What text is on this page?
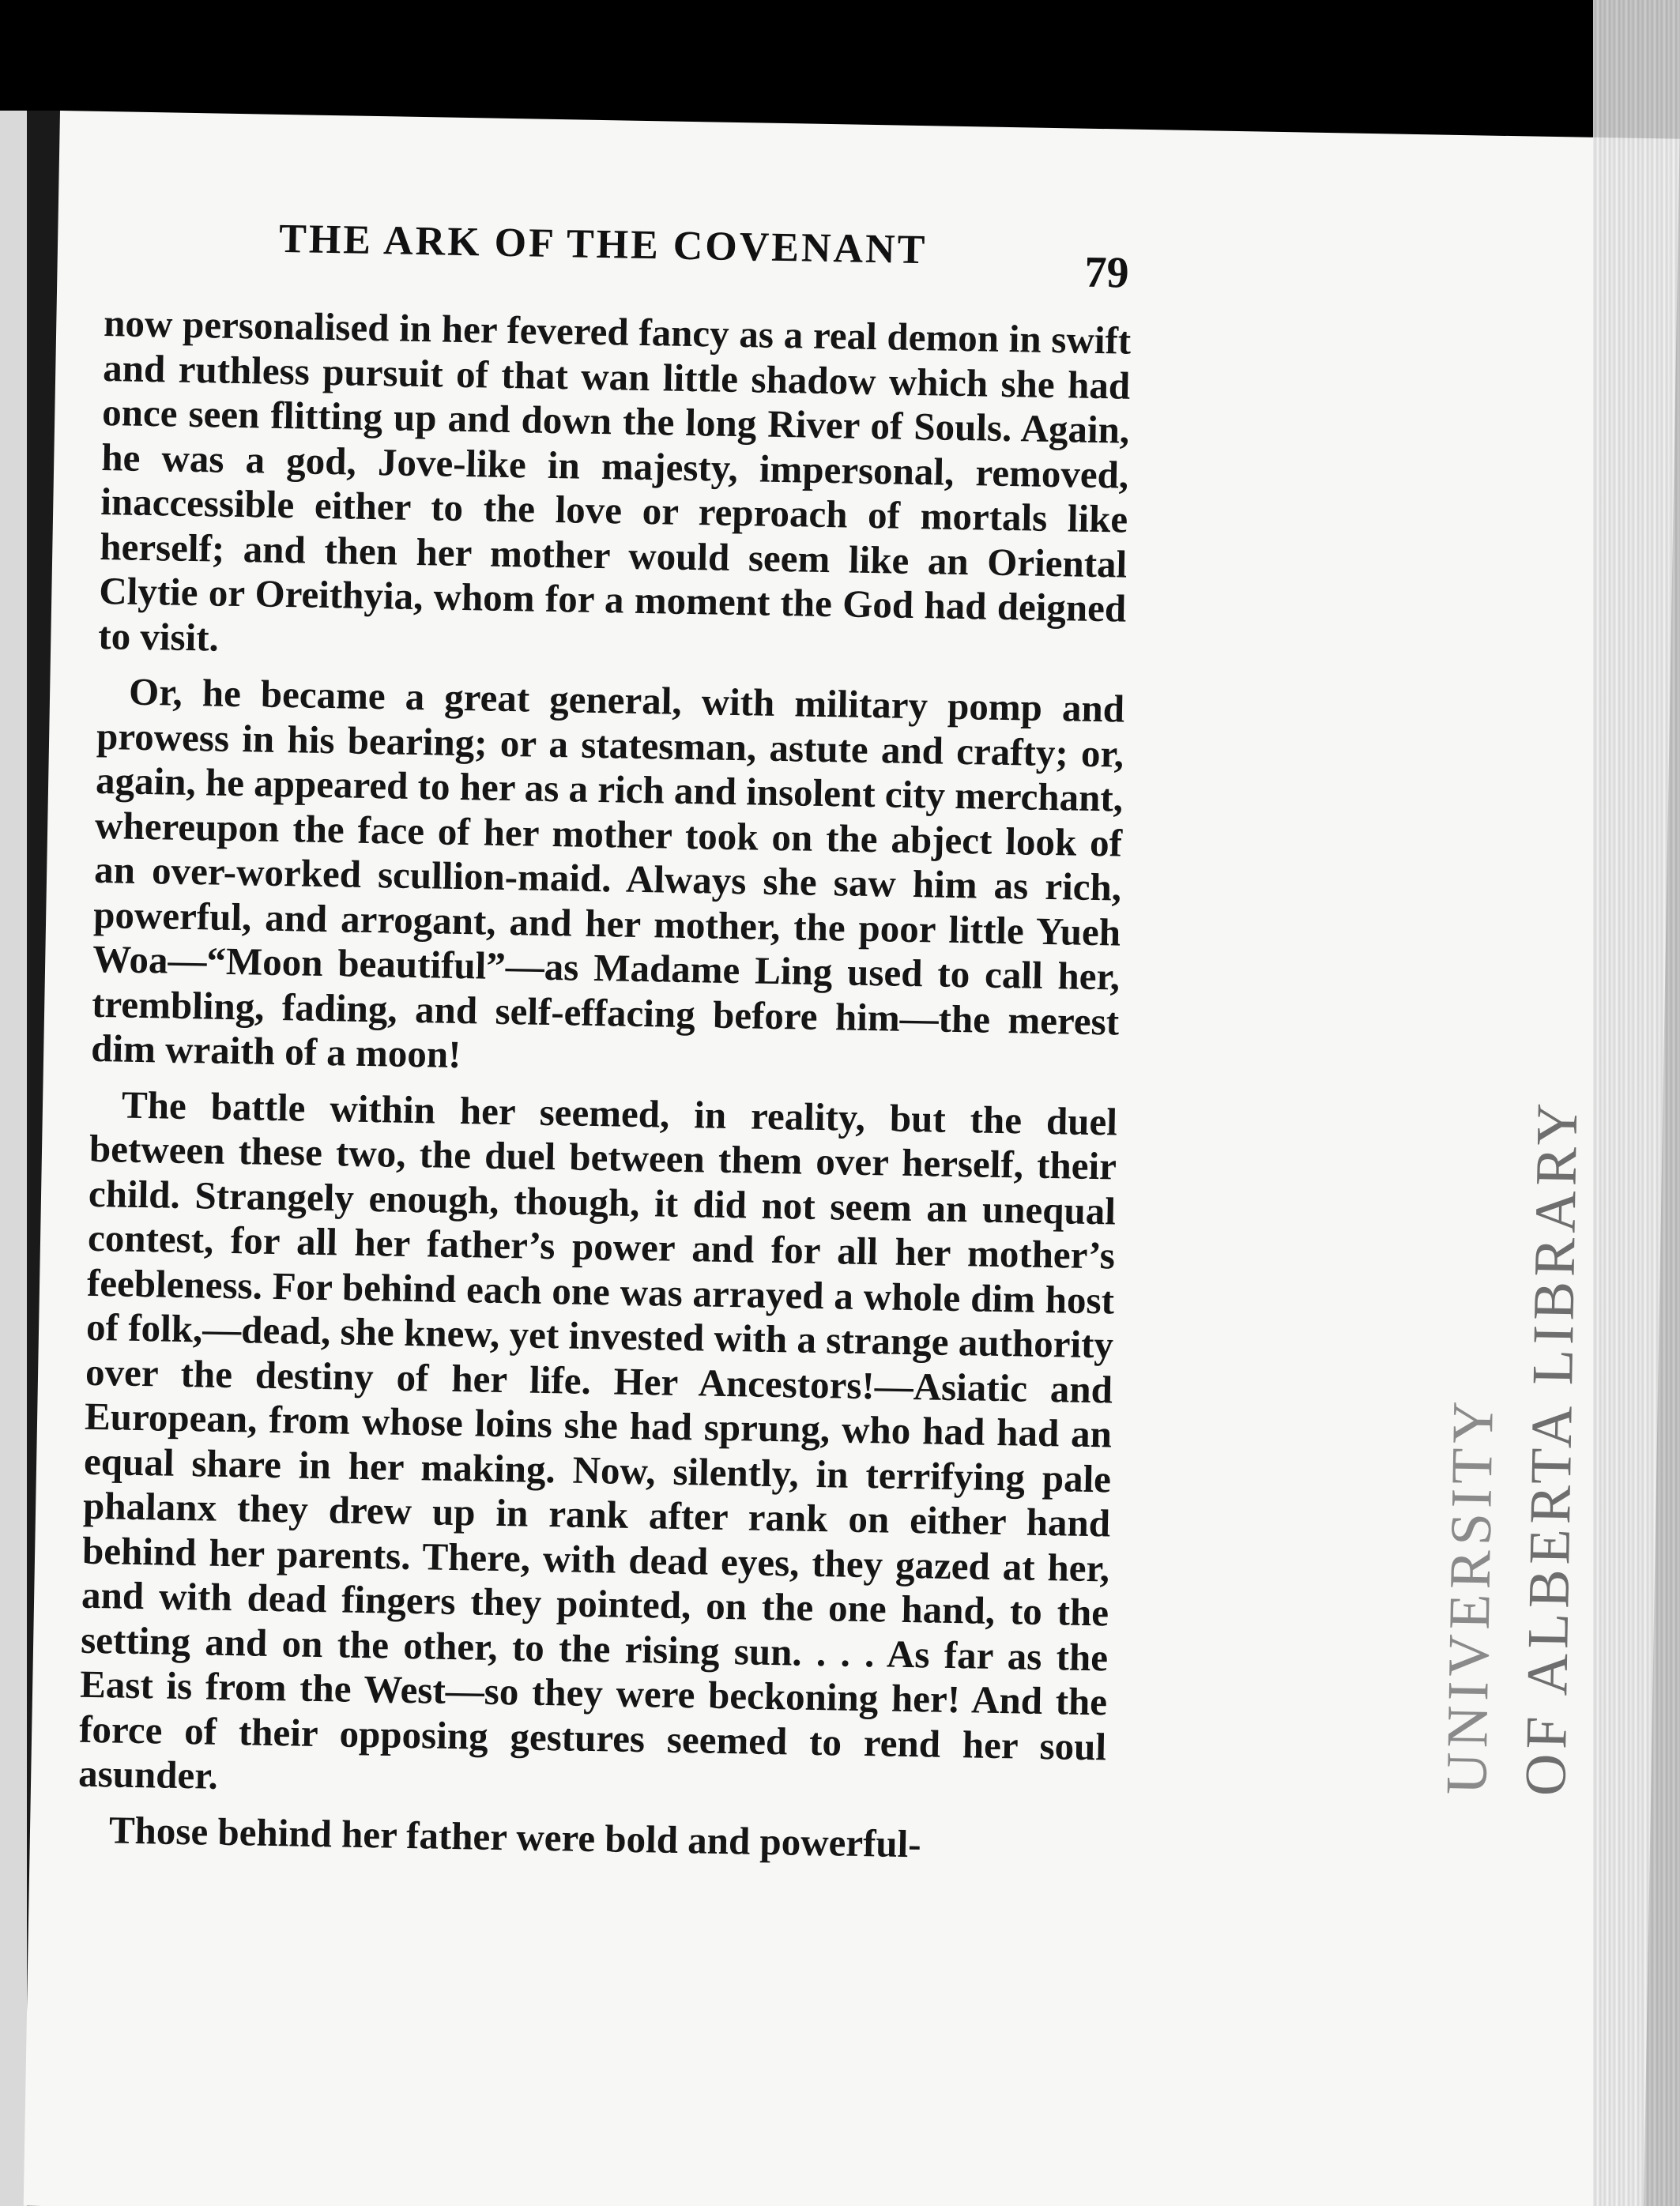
THE ARK OF THE COVENANT	79

now personalised in her fevered fancy as a real demon in swift and ruthless pursuit of that wan little shadow which she had once seen flitting up and down the long River of Souls. Again, he was a god, Jove-like in majesty, impersonal, removed, inaccessible either to the love or reproach of mortals like herself; and then her mother would seem like an Oriental Clytie or Oreithyia, whom for a moment the God had deigned to visit.

Or, he became a great general, with military pomp and prowess in his bearing; or a statesman, astute and crafty; or, again, he appeared to her as a rich and insolent city merchant, whereupon the face of her mother took on the abject look of an over-worked scullion-maid. Always she saw him as rich, powerful, and arrogant, and her mother, the poor little Yueh Woa—“Moon beautiful”—as Madame Ling used to call her, trembling, fading, and self-effacing before him—the merest dim wraith of a moon!

The battle within her seemed, in reality, but the duel between these two, the duel between them over herself, their child. Strangely enough, though, it did not seem an unequal contest, for all her father’s power and for all her mother’s feebleness. For behind each one was arrayed a whole dim host of folk,—dead, she knew, yet invested with a strange authority over the destiny of her life. Her Ancestors!—Asiatic and European, from whose loins she had sprung, who had had an equal share in her making. Now, silently, in terrifying pale phalanx they drew up in rank after rank on either hand behind her parents. There, with dead eyes, they gazed at her, and with dead fingers they pointed, on the one hand, to the setting and on the other, to the rising sun. . . . As far as the East is from the West—so they were beckoning her! And the force of their opposing gestures seemed to rend her soul asunder.

Those behind her father were bold and powerful-

UNIVERSITY OF ALBERTA LIBRARY
